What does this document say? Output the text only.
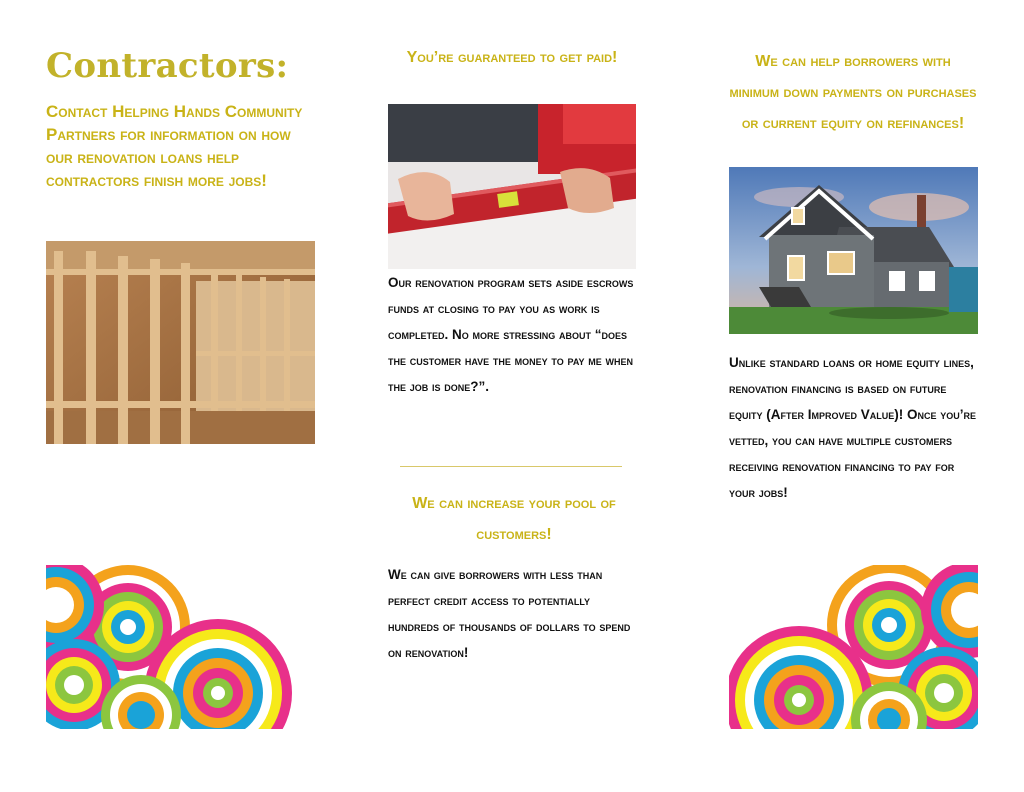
Contractors:

Contact Helping Hands Community Partners for information on how our renovation loans help contractors finish more jobs!

You’re guaranteed to get paid!

Our renovation program sets aside escrows funds at closing to pay you as work is completed. No more stressing about “does the customer have the money to pay me when the job is done?”.

We can increase your pool of customers!

We can give borrowers with less than perfect credit access to potentially hundreds of thousands of dollars to spend on renovation!

We can help borrowers with minimum down payments on purchases or current equity on refinances!

Unlike standard loans or home equity lines, renovation financing is based on future equity (After Improved Value)! Once you’re vetted, you can have multiple customers receiving renovation financing to pay for your jobs!
